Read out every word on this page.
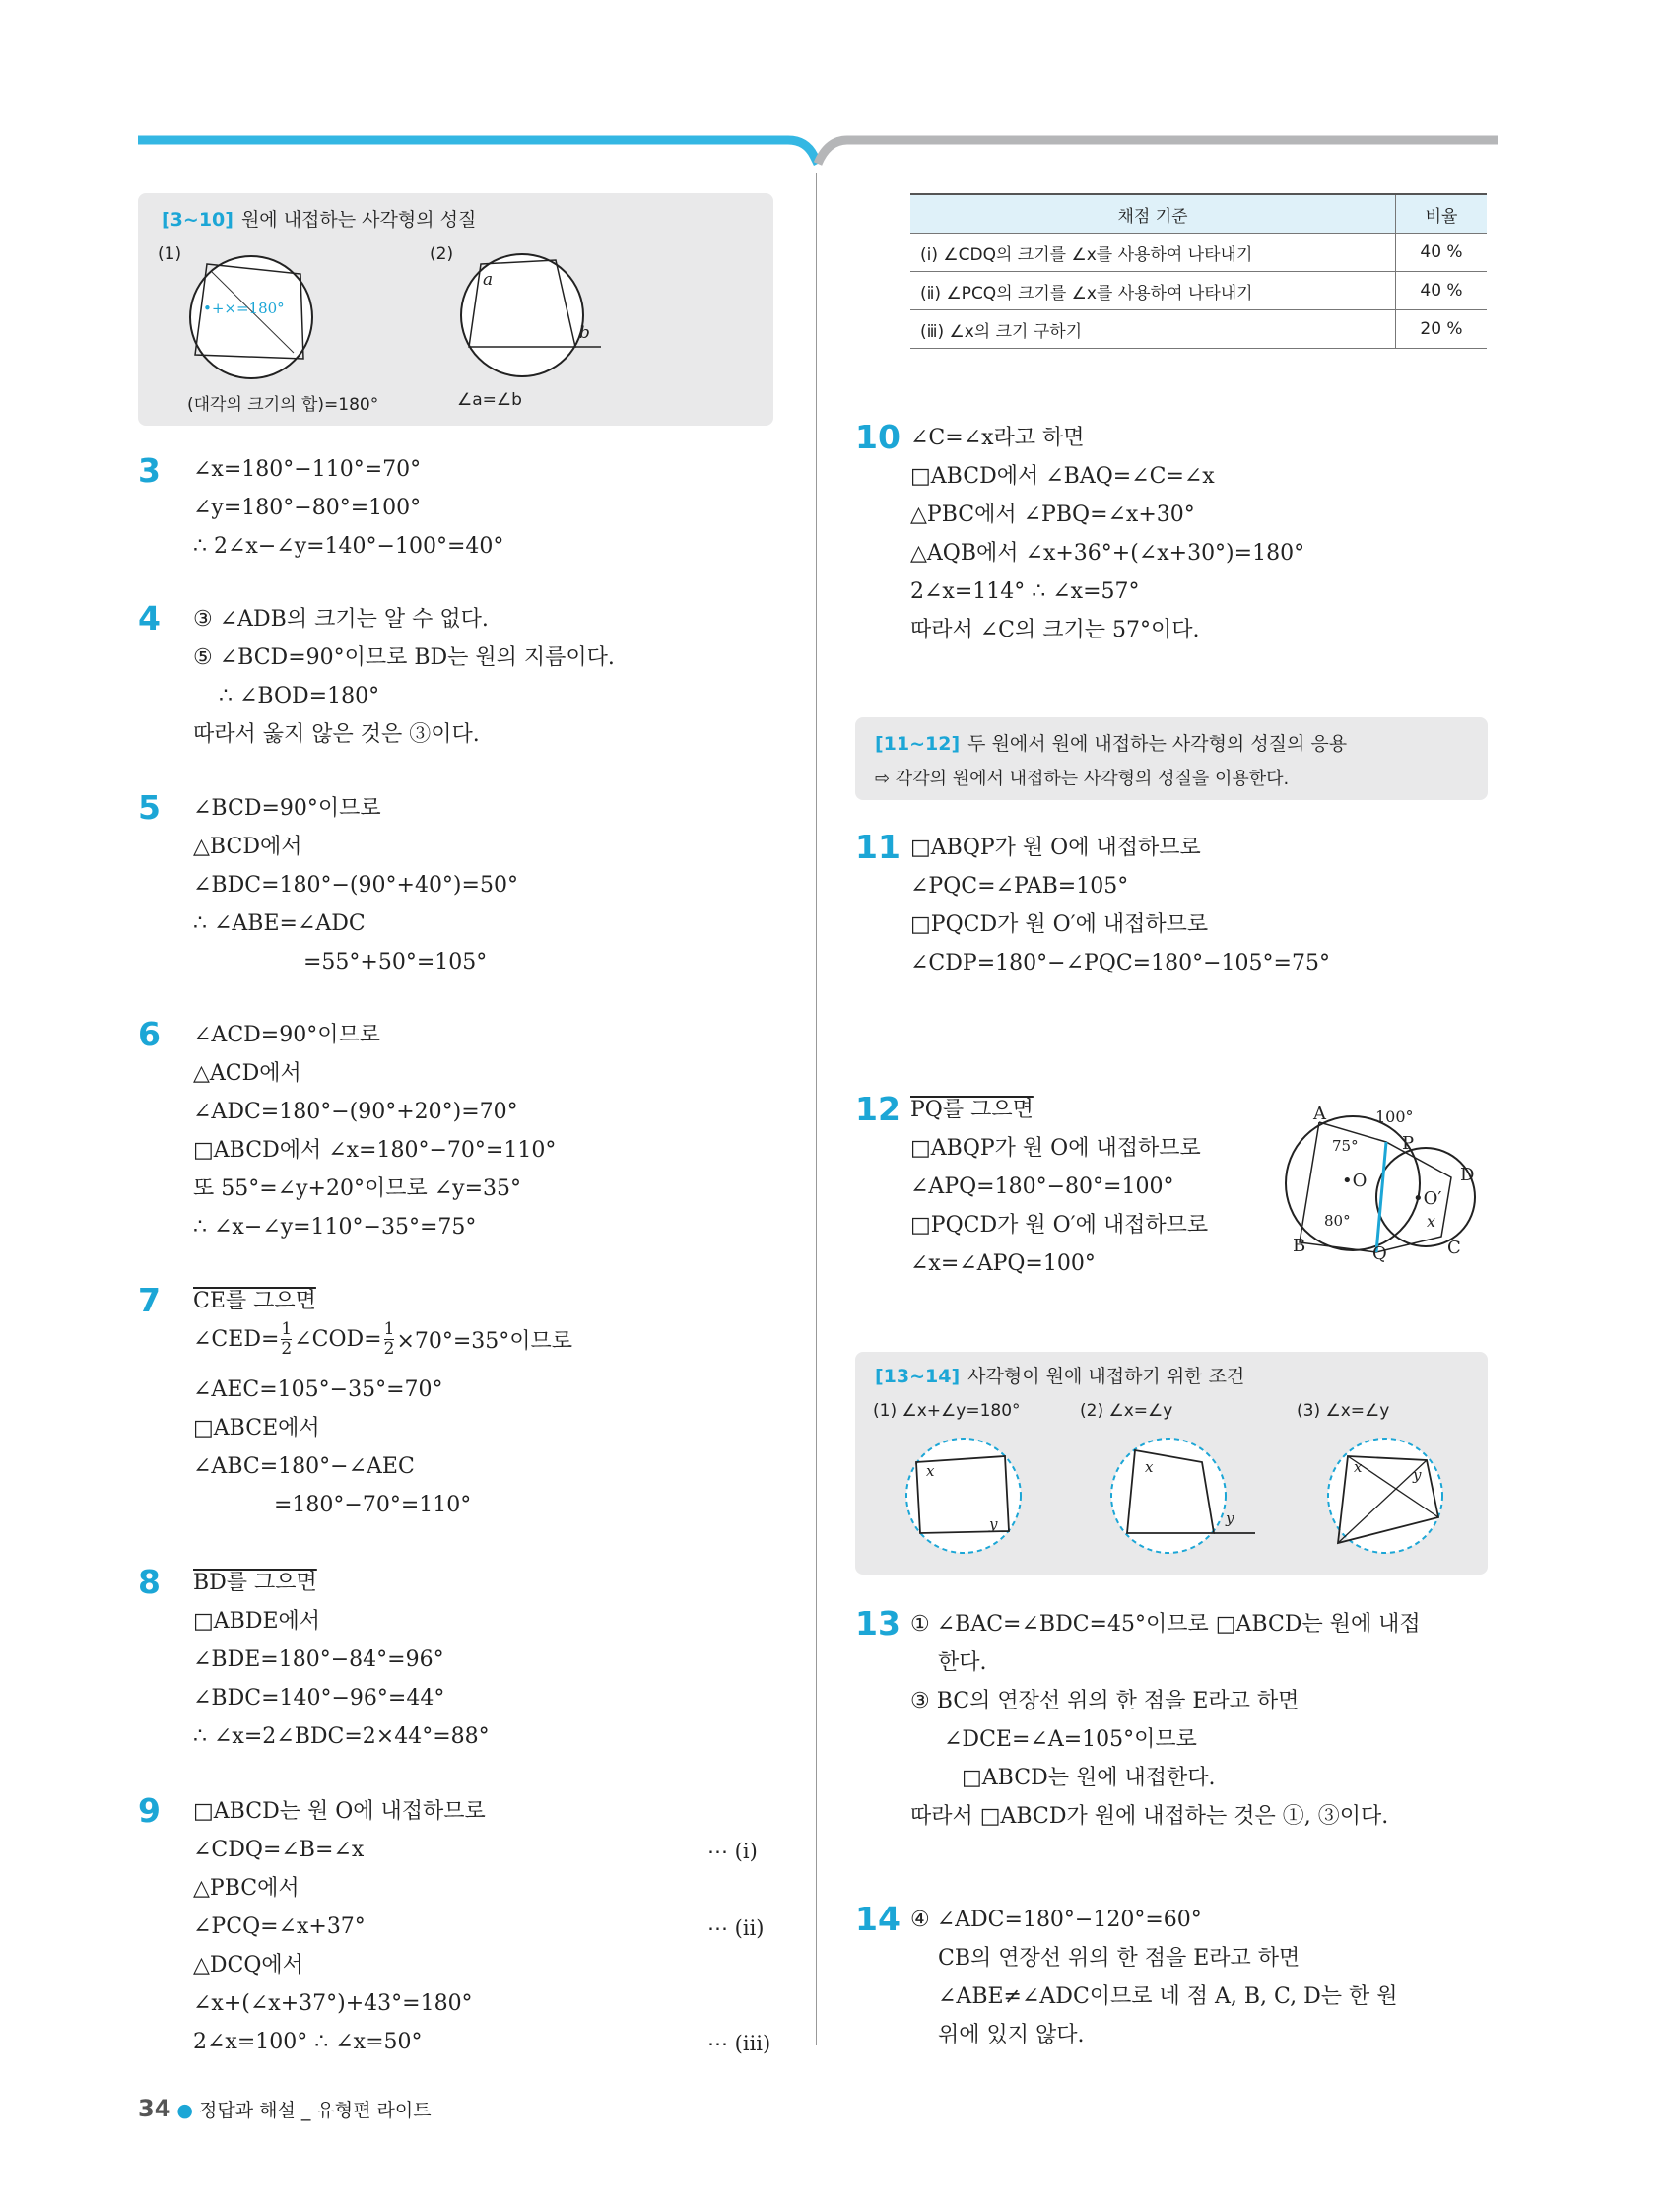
[3~10] 원에 내접하는 사각형의 성질
(1)
•+×=180°
(대각의 크기의 합)=180°
(2)
a
b
∠a=∠b
3 ∠x=180°−110°=70°
∠y=180°−80°=100°
∴ 2∠x−∠y=140°−100°=40°
4 ③ ∠ADB의 크기는 알 수 없다.
⑤ ∠BCD=90°이므로 BD는 원의 지름이다.
∴ ∠BOD=180°
따라서 옳지 않은 것은 ③이다.
5 ∠BCD=90°이므로
△BCD에서
∠BDC=180°−(90°+40°)=50°
∴ ∠ABE=∠ADC
=55°+50°=105°
6 ∠ACD=90°이므로
△ACD에서
∠ADC=180°−(90°+20°)=70°
□ABCD에서 ∠x=180°−70°=110°
또 55°=∠y+20°이므로 ∠y=35°
∴ ∠x−∠y=110°−35°=75°
7 CE를 그으면
∠CED= $\frac{1}{2}$ ∠COD= $\frac{1}{2} \times 70^\circ=35^\circ$이므로
∠AEC=105°−35°=70°
□ABCE에서
∠ABC=180°−∠AEC
=180°−70°=110°
8 BD를 그으면
□ABDE에서
∠BDE=180°−84°=96°
∠BDC=140°−96°=44°
∴ ∠x=2∠BDC=2×44°=88°
9 □ABCD는 원 O에 내접하므로
∠CDQ=∠B=∠x	⋯ (ⅰ)
△PBC에서
∠PCQ=∠x+37°	⋯ (ⅱ)
△DCQ에서
∠x+(∠x+37°)+43°=180°
2∠x=100° ∴ ∠x=50°	⋯ (ⅲ)
채점 기준	비율
(ⅰ) ∠CDQ의 크기를 ∠x를 사용하여 나타내기	40 %
(ⅱ) ∠PCQ의 크기를 ∠x를 사용하여 나타내기	40 %
(ⅲ) ∠x의 크기 구하기	20 %
10 ∠C=∠x라고 하면
□ABCD에서 ∠BAQ=∠C=∠x
△PBC에서 ∠PBQ=∠x+30°
△AQB에서 ∠x+36°+(∠x+30°)=180°
2∠x=114° ∴ ∠x=57°
따라서 ∠C의 크기는 57°이다.
[11~12] 두 원에서 원에 내접하는 사각형의 성질의 응용
⇨ 각각의 원에서 내접하는 사각형의 성질을 이용한다.
11 □ABQP가 원 O에 내접하므로
∠PQC=∠PAB=105°
□PQCD가 원 O′에 내접하므로
∠CDP=180°−∠PQC=180°−105°=75°
12 PQ를 그으면
□ABQP가 원 O에 내접하므로
∠APQ=180°−80°=100°
□PQCD가 원 O′에 내접하므로
∠x=∠APQ=100°
A	100°
P
75°
D
•O
•O′
x
80°
B	Q	C
[13~14] 사각형이 원에 내접하기 위한 조건
(1) ∠x+∠y=180°	(2) ∠x=∠y	(3) ∠x=∠y
x
y
x
y
x	y
13 ① ∠BAC=∠BDC=45°이므로 □ABCD는 원에 내접
한다.
③ BC의 연장선 위의 한 점을 E라고 하면
∠DCE=∠A=105°이므로
□ABCD는 원에 내접한다.
따라서 □ABCD가 원에 내접하는 것은 ①, ③이다.
14 ④ ∠ADC=180°−120°=60°
CB의 연장선 위의 한 점을 E라고 하면
∠ABE≠∠ADC이므로 네 점 A, B, C, D는 한 원
위에 있지 않다.
34 ● 정답과 해설 _ 유형편 라이트
